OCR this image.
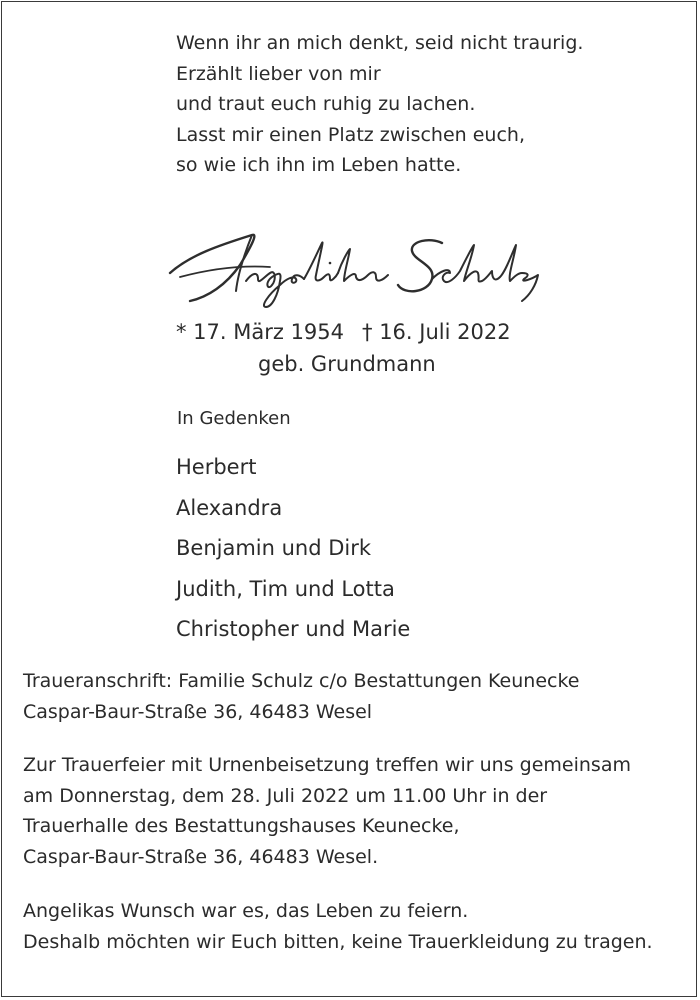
Wenn ihr an mich denkt, seid nicht traurig.
Erzählt lieber von mir
und traut euch ruhig zu lachen.
Lasst mir einen Platz zwischen euch,
so wie ich ihn im Leben hatte.
* 17. März 1954 † 16. Juli 2022
geb. Grundmann
In Gedenken
Herbert
Alexandra
Benjamin und Dirk
Judith, Tim und Lotta
Christopher und Marie
Traueranschrift: Familie Schulz c/o Bestattungen Keunecke
Caspar-Baur-Straße 36, 46483 Wesel
Zur Trauerfeier mit Urnenbeisetzung treffen wir uns gemeinsam
am Donnerstag, dem 28. Juli 2022 um 11.00 Uhr in der
Trauerhalle des Bestattungshauses Keunecke,
Caspar-Baur-Straße 36, 46483 Wesel.
Angelikas Wunsch war es, das Leben zu feiern.
Deshalb möchten wir Euch bitten, keine Trauerkleidung zu tragen.
